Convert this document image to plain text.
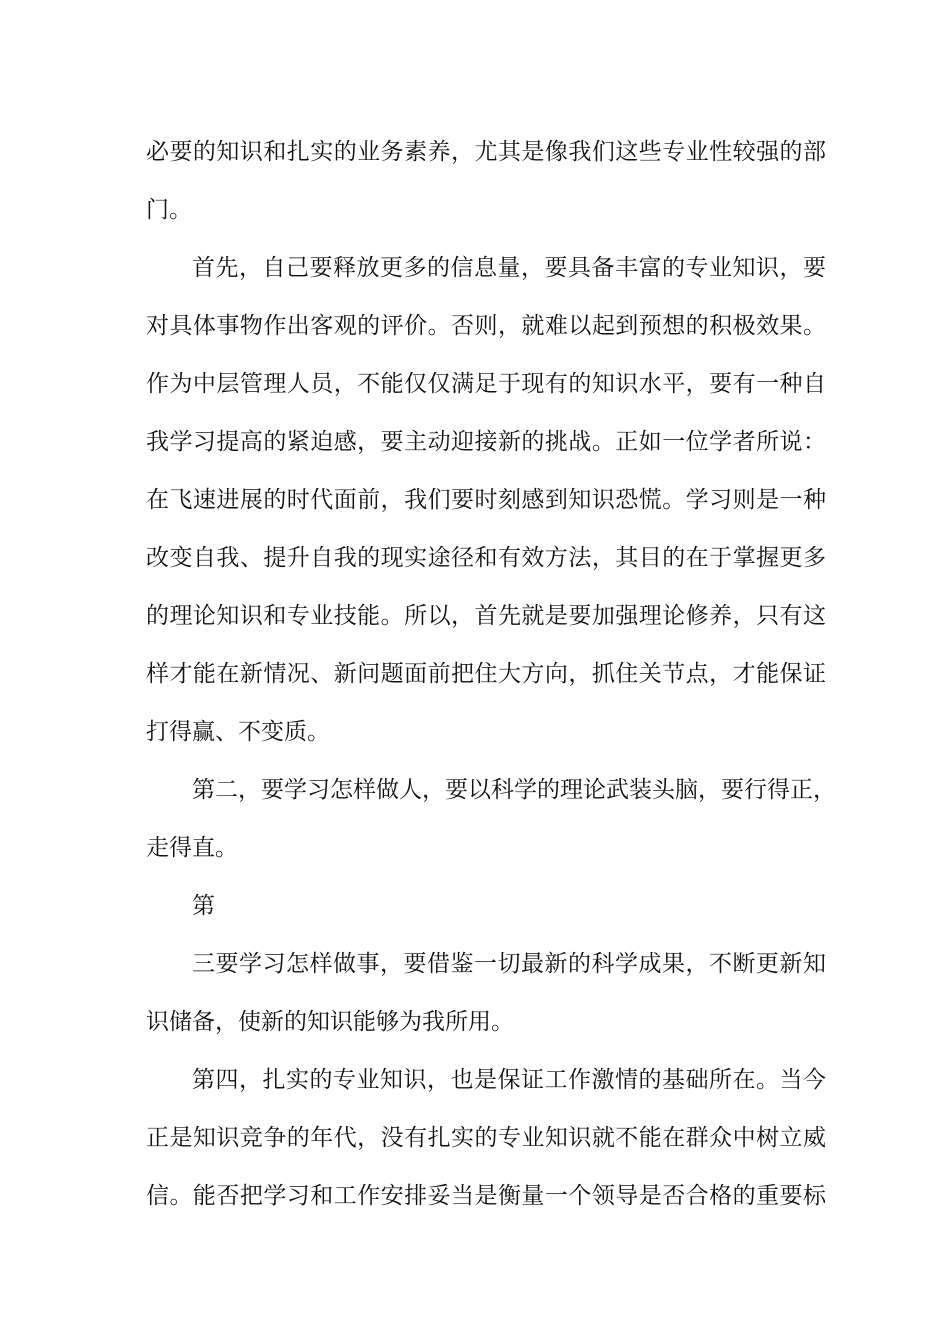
必要的知识和扎实的业务素养，尤其是像我们这些专业性较强的部
门。
首先，自己要释放更多的信息量，要具备丰富的专业知识，要
对具体事物作出客观的评价。否则，就难以起到预想的积极效果。
作为中层管理人员，不能仅仅满足于现有的知识水平，要有一种自
我学习提高的紧迫感，要主动迎接新的挑战。正如一位学者所说：
在飞速进展的时代面前，我们要时刻感到知识恐慌。学习则是一种
改变自我、提升自我的现实途径和有效方法，其目的在于掌握更多
的理论知识和专业技能。所以，首先就是要加强理论修养，只有这
样才能在新情况、新问题面前把住大方向，抓住关节点，才能保证
打得赢、不变质。
第二，要学习怎样做人，要以科学的理论武装头脑，要行得正，
走得直。
第
三要学习怎样做事，要借鉴一切最新的科学成果，不断更新知
识储备，使新的知识能够为我所用。
第四，扎实的专业知识，也是保证工作激情的基础所在。当今
正是知识竞争的年代，没有扎实的专业知识就不能在群众中树立威
信。能否把学习和工作安排妥当是衡量一个领导是否合格的重要标
